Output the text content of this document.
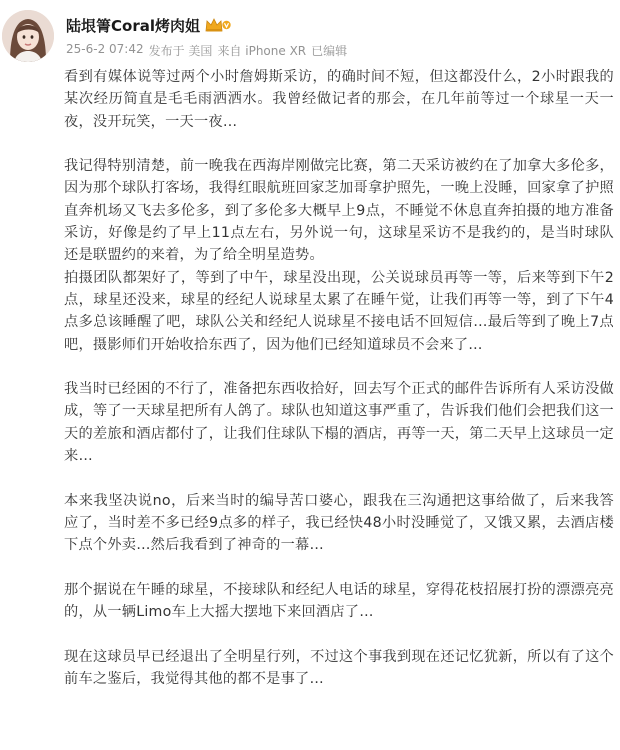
陆垠箐Coral烤肉姐
25-6-2 07:42 发布于 美国 来自 iPhone XR 已编辑

看到有媒体说等过两个小时詹姆斯采访，的确时间不短，但这都没什么，2小时跟我的某次经历简直是毛毛雨洒洒水。我曾经做记者的那会，在几年前等过一个球星一天一夜，没开玩笑，一天一夜…

我记得特别清楚，前一晚我在西海岸刚做完比赛，第二天采访被约在了加拿大多伦多，因为那个球队打客场，我得红眼航班回家芝加哥拿护照先，一晚上没睡，回家拿了护照直奔机场又飞去多伦多，到了多伦多大概早上9点，不睡觉不休息直奔拍摄的地方准备采访，好像是约了早上11点左右，另外说一句，这球星采访不是我约的，是当时球队还是联盟约的来着，为了给全明星造势。

拍摄团队都架好了，等到了中午，球星没出现，公关说球员再等一等，后来等到下午2点，球星还没来，球星的经纪人说球星太累了在睡午觉，让我们再等一等，到了下午4点多总该睡醒了吧，球队公关和经纪人说球星不接电话不回短信…最后等到了晚上7点吧，摄影师们开始收拾东西了，因为他们已经知道球员不会来了…

我当时已经困的不行了，准备把东西收拾好，回去写个正式的邮件告诉所有人采访没做成，等了一天球星把所有人鸽了。球队也知道这事严重了，告诉我们他们会把我们这一天的差旅和酒店都付了，让我们住球队下榻的酒店，再等一天，第二天早上这球员一定来…

本来我坚决说no，后来当时的编导苦口婆心，跟我在三沟通把这事给做了，后来我答应了，当时差不多已经9点多的样子，我已经快48小时没睡觉了，又饿又累，去酒店楼下点个外卖…然后我看到了神奇的一幕…

那个据说在午睡的球星，不接球队和经纪人电话的球星，穿得花枝招展打扮的漂漂亮亮的，从一辆Limo车上大摇大摆地下来回酒店了…

现在这球员早已经退出了全明星行列，不过这个事我到现在还记忆犹新，所以有了这个前车之鉴后，我觉得其他的都不是事了…
